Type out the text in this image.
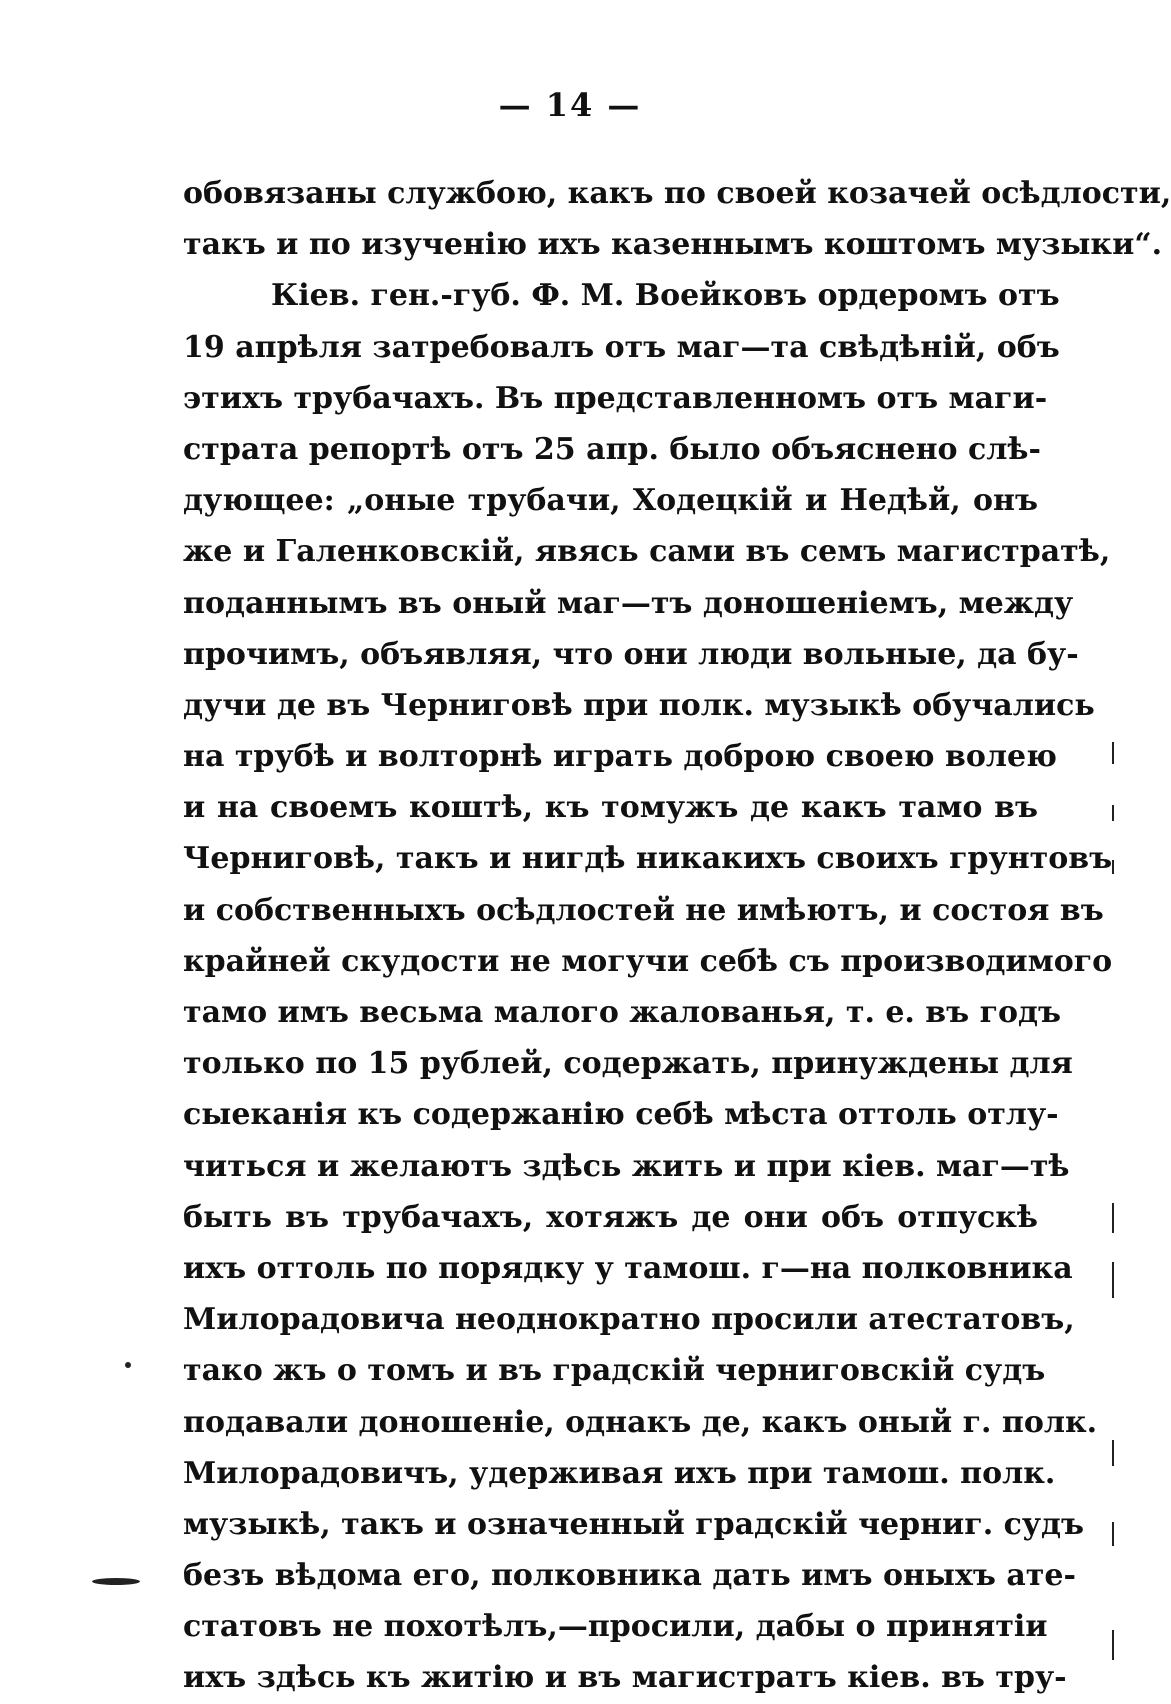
— 14 —
обовязаны службою, какъ по своей козачей осѣдлости,
такъ и по изученію ихъ казеннымъ коштомъ музыки“.
Кіев. ген.-губ. Ф. М. Воейковъ ордеромъ отъ
19 апрѣля затребовалъ отъ маг—та свѣдѣній, объ
этихъ трубачахъ. Въ представленномъ отъ маги-
страта репортѣ отъ 25 апр. было объяснено слѣ-
дующее: „оные трубачи, Ходецкій и Недѣй, онъ
же и Галенковскій, явясь сами въ семъ магистратѣ,
поданнымъ въ оный маг—тъ доношеніемъ, между
прочимъ, объявляя, что они люди вольные, да бу-
дучи де въ Черниговѣ при полк. музыкѣ обучались
на трубѣ и волторнѣ играть доброю своею волею
и на своемъ коштѣ, къ томужъ де какъ тамо въ
Черниговѣ, такъ и нигдѣ никакихъ своихъ грунтовъ
и собственныхъ осѣдлостей не имѣютъ, и состоя въ
крайней скудости не могучи себѣ съ производимого
тамо имъ весьма малого жалованья, т. е. въ годъ
только по 15 рублей, содержать, принуждены для
сыеканія къ содержанію себѣ мѣста оттоль отлу-
читься и желаютъ здѣсь жить и при кіев. маг—тѣ
быть въ трубачахъ, хотяжъ де они объ отпускѣ
ихъ оттоль по порядку у тамош. г—на полковника
Милорадовича неоднократно просили атестатовъ,
тако жъ о томъ и въ градскій черниговскій судъ
подавали доношеніе, однакъ де, какъ оный г. полк.
Милорадовичъ, удерживая ихъ при тамош. полк.
музыкѣ, такъ и означенный градскій черниг. судъ
безъ вѣдома его, полковника дать имъ оныхъ ате-
статовъ не похотѣлъ,—просили, дабы о принятіи
ихъ здѣсь къ житію и въ магистратъ кіев. въ тру-
